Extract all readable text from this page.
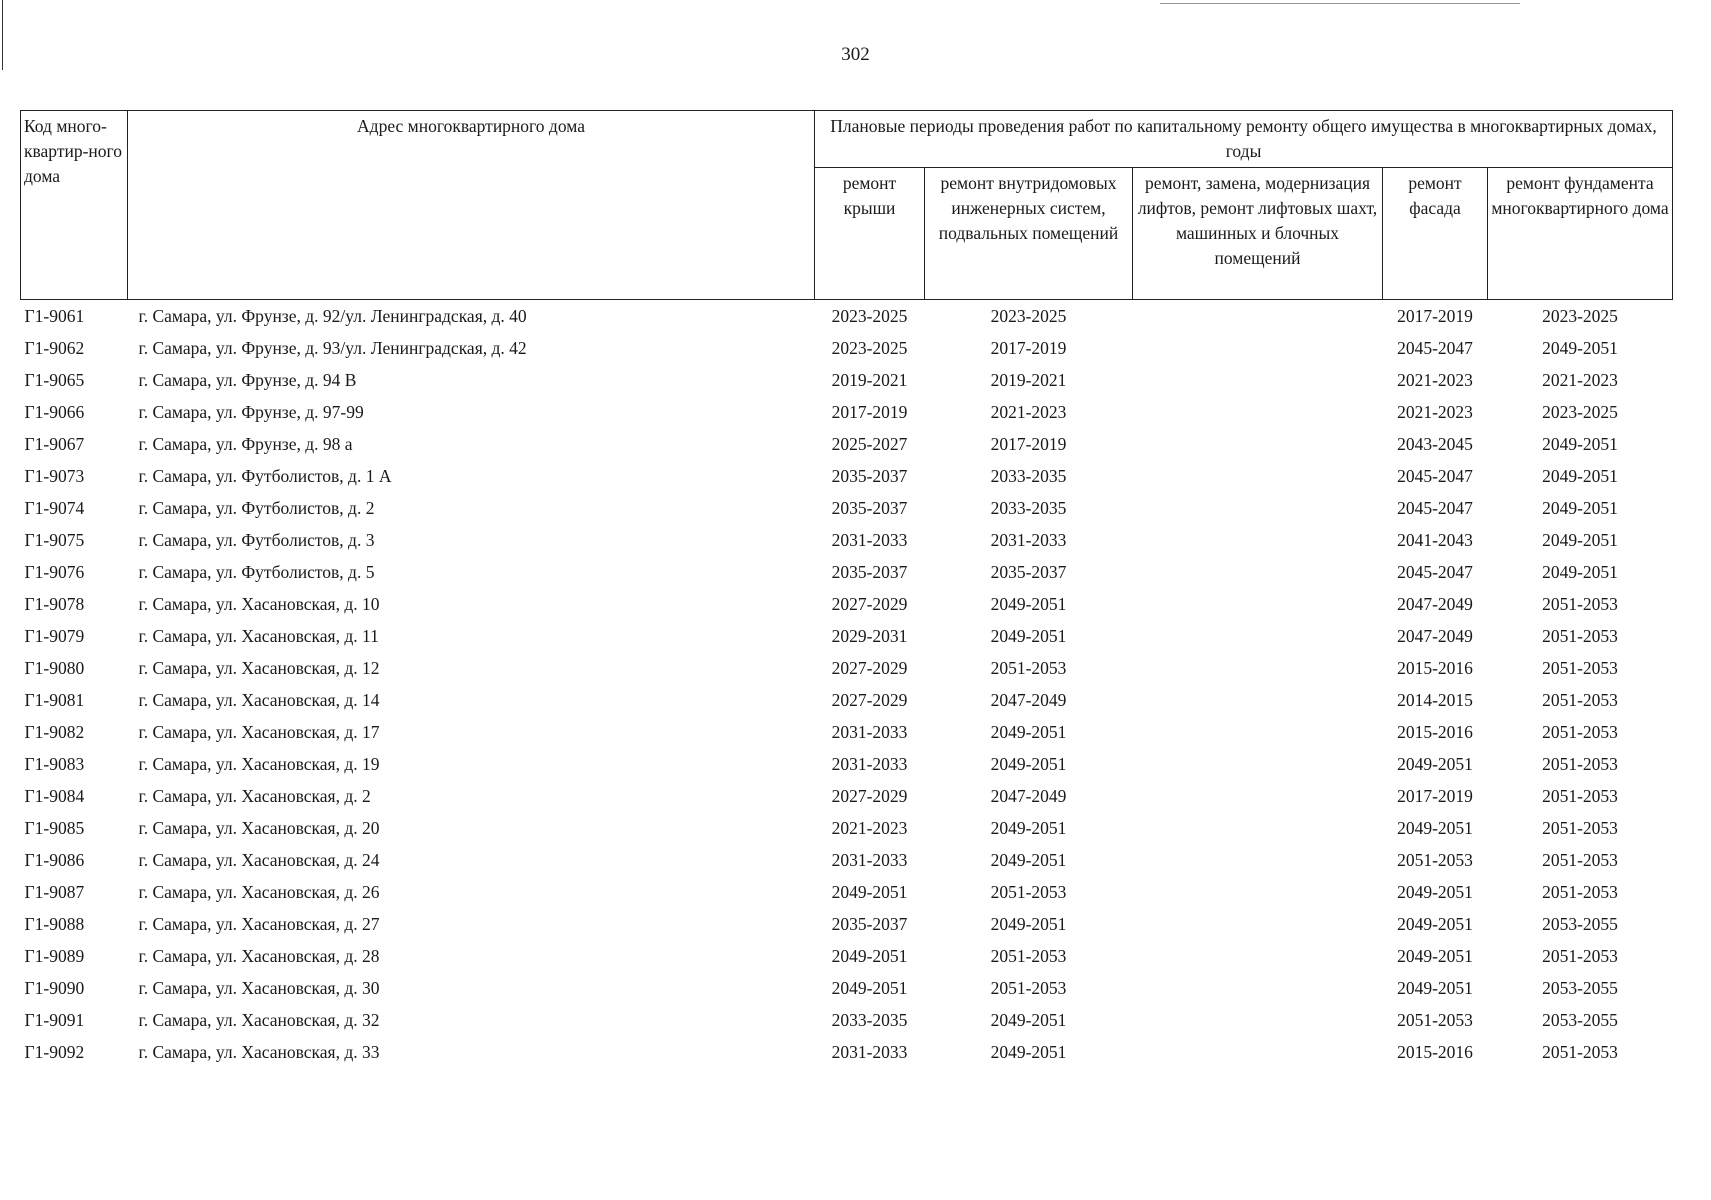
302
Код много-квартир-ного дома	Адрес многоквартирного дома	Плановые периоды проведения работ по капитальному ремонту общего имущества в многоквартирных домах, годы				
		ремонт крыши	ремонт внутридомовых инженерных систем, подвальных помещений	ремонт, замена, модернизация лифтов, ремонт лифтовых шахт, машинных и блочных помещений	ремонт фасада	ремонт фундамента многоквартирного дома
Г1-9061	г. Самара, ул. Фрунзе, д. 92/ул. Ленинградская, д. 40	2023-2025	2023-2025		2017-2019	2023-2025
Г1-9062	г. Самара, ул. Фрунзе, д. 93/ул. Ленинградская, д. 42	2023-2025	2017-2019		2045-2047	2049-2051
Г1-9065	г. Самара, ул. Фрунзе, д. 94 В	2019-2021	2019-2021		2021-2023	2021-2023
Г1-9066	г. Самара, ул. Фрунзе, д. 97-99	2017-2019	2021-2023		2021-2023	2023-2025
Г1-9067	г. Самара, ул. Фрунзе, д. 98 а	2025-2027	2017-2019		2043-2045	2049-2051
Г1-9073	г. Самара, ул. Футболистов, д. 1 А	2035-2037	2033-2035		2045-2047	2049-2051
Г1-9074	г. Самара, ул. Футболистов, д. 2	2035-2037	2033-2035		2045-2047	2049-2051
Г1-9075	г. Самара, ул. Футболистов, д. 3	2031-2033	2031-2033		2041-2043	2049-2051
Г1-9076	г. Самара, ул. Футболистов, д. 5	2035-2037	2035-2037		2045-2047	2049-2051
Г1-9078	г. Самара, ул. Хасановская, д. 10	2027-2029	2049-2051		2047-2049	2051-2053
Г1-9079	г. Самара, ул. Хасановская, д. 11	2029-2031	2049-2051		2047-2049	2051-2053
Г1-9080	г. Самара, ул. Хасановская, д. 12	2027-2029	2051-2053		2015-2016	2051-2053
Г1-9081	г. Самара, ул. Хасановская, д. 14	2027-2029	2047-2049		2014-2015	2051-2053
Г1-9082	г. Самара, ул. Хасановская, д. 17	2031-2033	2049-2051		2015-2016	2051-2053
Г1-9083	г. Самара, ул. Хасановская, д. 19	2031-2033	2049-2051		2049-2051	2051-2053
Г1-9084	г. Самара, ул. Хасановская, д. 2	2027-2029	2047-2049		2017-2019	2051-2053
Г1-9085	г. Самара, ул. Хасановская, д. 20	2021-2023	2049-2051		2049-2051	2051-2053
Г1-9086	г. Самара, ул. Хасановская, д. 24	2031-2033	2049-2051		2051-2053	2051-2053
Г1-9087	г. Самара, ул. Хасановская, д. 26	2049-2051	2051-2053		2049-2051	2051-2053
Г1-9088	г. Самара, ул. Хасановская, д. 27	2035-2037	2049-2051		2049-2051	2053-2055
Г1-9089	г. Самара, ул. Хасановская, д. 28	2049-2051	2051-2053		2049-2051	2051-2053
Г1-9090	г. Самара, ул. Хасановская, д. 30	2049-2051	2051-2053		2049-2051	2053-2055
Г1-9091	г. Самара, ул. Хасановская, д. 32	2033-2035	2049-2051		2051-2053	2053-2055
Г1-9092	г. Самара, ул. Хасановская, д. 33	2031-2033	2049-2051		2015-2016	2051-2053
